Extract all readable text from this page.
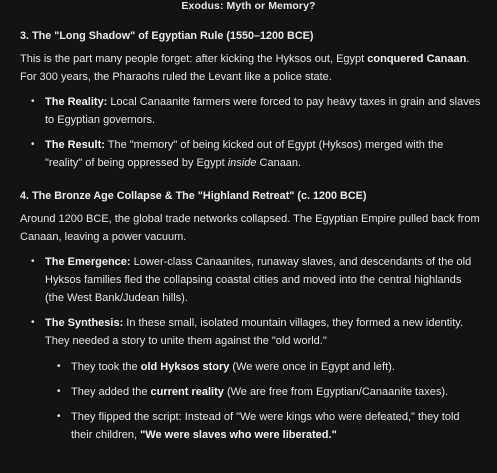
Exodus: Myth or Memory?
3. The "Long Shadow" of Egyptian Rule (1550–1200 BCE)

This is the part many people forget: after kicking the Hyksos out, Egypt conquered Canaan. For 300 years, the Pharaohs ruled the Levant like a police state.

• The Reality: Local Canaanite farmers were forced to pay heavy taxes in grain and slaves to Egyptian governors.
• The Result: The "memory" of being kicked out of Egypt (Hyksos) merged with the "reality" of being oppressed by Egypt inside Canaan.
4. The Bronze Age Collapse & The "Highland Retreat" (c. 1200 BCE)

Around 1200 BCE, the global trade networks collapsed. The Egyptian Empire pulled back from Canaan, leaving a power vacuum.

• The Emergence: Lower-class Canaanites, runaway slaves, and descendants of the old Hyksos families fled the collapsing coastal cities and moved into the central highlands (the West Bank/Judean hills).
• The Synthesis: In these small, isolated mountain villages, they formed a new identity. They needed a story to unite them against the "old world."
• They took the old Hyksos story (We were once in Egypt and left).
• They added the current reality (We are free from Egyptian/Canaanite taxes).
• They flipped the script: Instead of "We were kings who were defeated," they told their children, "We were slaves who were liberated."
